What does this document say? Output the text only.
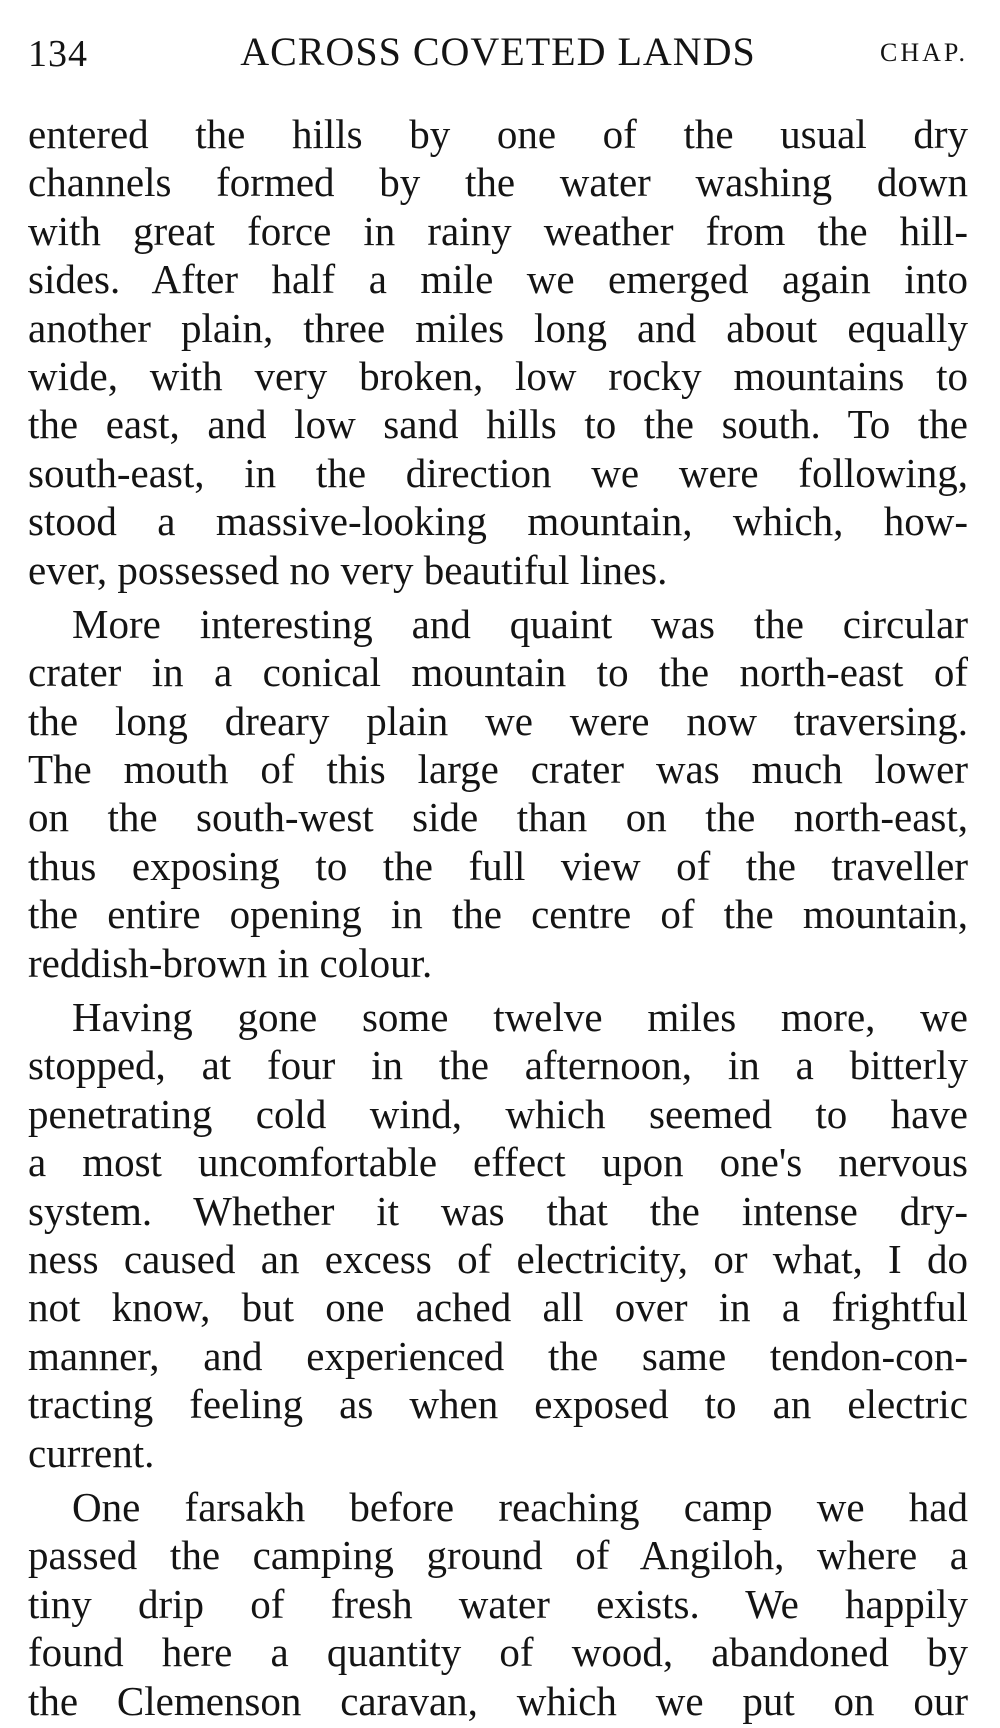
134	ACROSS COVETED LANDS	CHAP.
entered the hills by one of the usual dry
channels formed by the water washing down
with great force in rainy weather from the hill-
sides. After half a mile we emerged again into
another plain, three miles long and about equally
wide, with very broken, low rocky mountains to
the east, and low sand hills to the south. To the
south-east, in the direction we were following,
stood a massive-looking mountain, which, how-
ever, possessed no very beautiful lines.
More interesting and quaint was the circular
crater in a conical mountain to the north-east of
the long dreary plain we were now traversing.
The mouth of this large crater was much lower
on the south-west side than on the north-east,
thus exposing to the full view of the traveller
the entire opening in the centre of the mountain,
reddish-brown in colour.
Having gone some twelve miles more, we
stopped, at four in the afternoon, in a bitterly
penetrating cold wind, which seemed to have
a most uncomfortable effect upon one's nervous
system. Whether it was that the intense dry-
ness caused an excess of electricity, or what, I do
not know, but one ached all over in a frightful
manner, and experienced the same tendon-con-
tracting feeling as when exposed to an electric
current.
One farsakh before reaching camp we had
passed the camping ground of Angiloh, where a
tiny drip of fresh water exists. We happily
found here a quantity of wood, abandoned by
the Clemenson caravan, which we put on our
